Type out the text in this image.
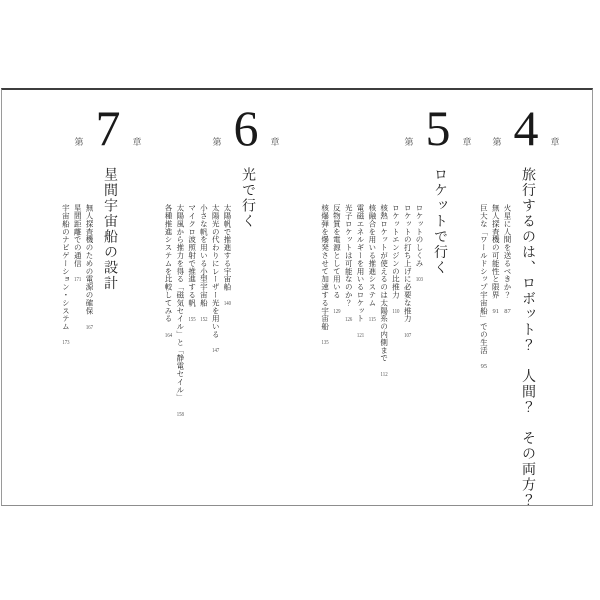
第 4 章
旅行するのは、ロボット？　人間？　その両方？
火星に人間を送るべきか？ 87
無人探査機の可能性と限界 91
巨大な「ワールドシップ宇宙船」での生活 95
第 5 章
ロケットで行く
ロケットのしくみ 103
ロケットの打ち上げに必要な推力 107
ロケットエンジンの比推力 110
核熱ロケットが使えるのは太陽系の内側まで 112
核融合を用いる推進システム 115
電磁エネルギーを用いるロケット 121
光子ロケットは可能なのか？ 126
反物質を電源として用いる 129
核爆弾を爆発させて加速する宇宙船 135
第 6 章
光で行く
太陽帆で推進する宇宙船 140
太陽光の代わりにレーザー光を用いる 147
小さな帆を用いる小型宇宙船 152
マイクロ波照射で推進する帆 155
太陽風から推力を得る「磁気セイル」と「静電セイル」 158
各種推進システムを比較してみる 164
第 7 章
星間宇宙船の設計
無人探査機のための電源の確保 167
星間距離での通信 171
宇宙船のナビゲーション・システム 173
